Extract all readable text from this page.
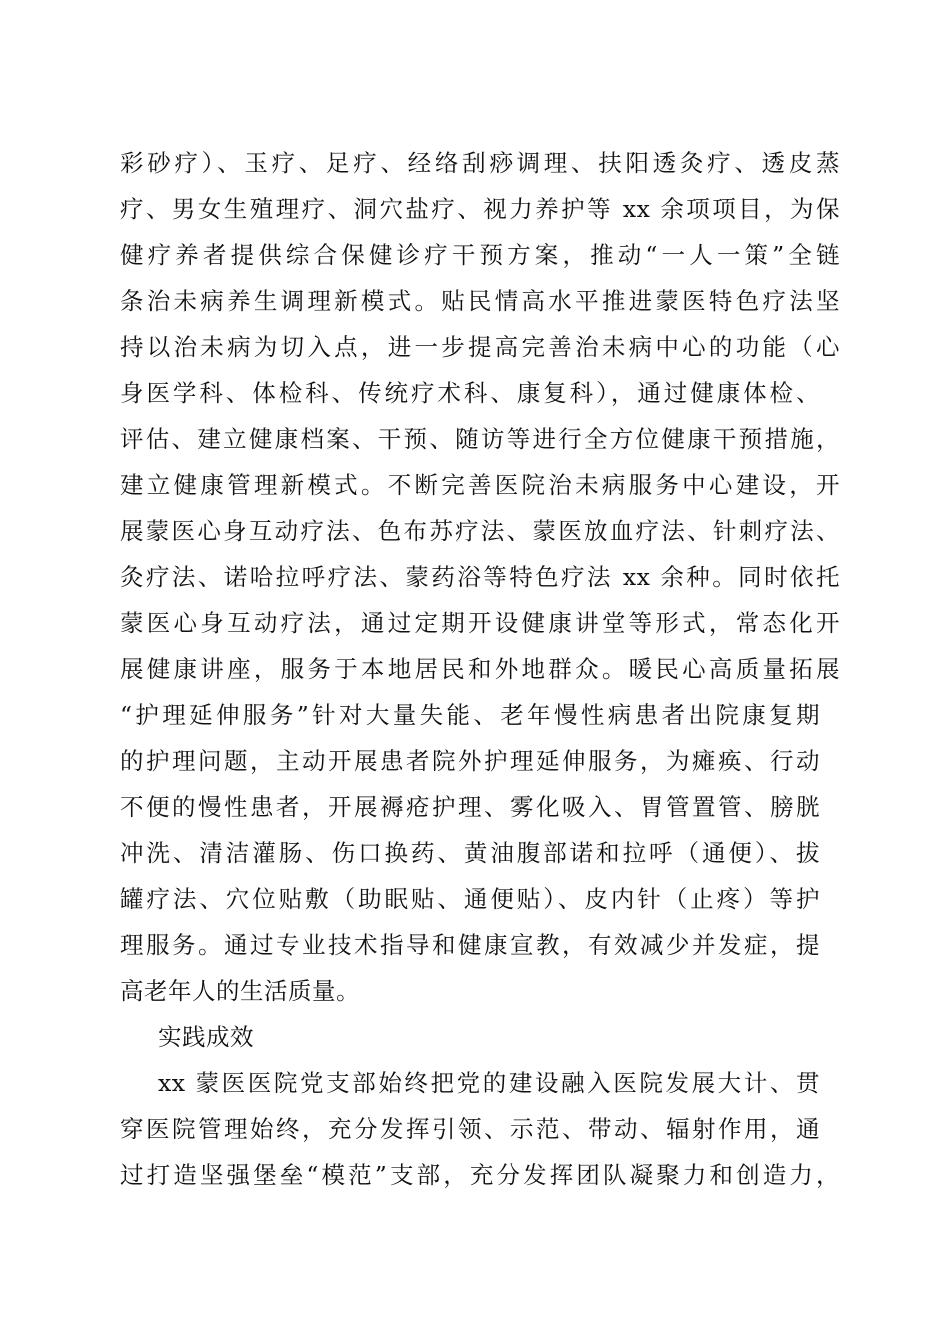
彩砂疗）、玉疗、足疗、经络刮痧调理、扶阳透灸疗、透皮蒸
疗、男女生殖理疗、洞穴盐疗、视力养护等 xx 余项项目，为保
健疗养者提供综合保健诊疗干预方案，推动“一人一策”全链
条治未病养生调理新模式。贴民情高水平推进蒙医特色疗法坚
持以治未病为切入点，进一步提高完善治未病中心的功能（心
身医学科、体检科、传统疗术科、康复科），通过健康体检、
评估、建立健康档案、干预、随访等进行全方位健康干预措施，
建立健康管理新模式。不断完善医院治未病服务中心建设，开
展蒙医心身互动疗法、色布苏疗法、蒙医放血疗法、针刺疗法、
灸疗法、诺哈拉呼疗法、蒙药浴等特色疗法 xx 余种。同时依托
蒙医心身互动疗法，通过定期开设健康讲堂等形式，常态化开
展健康讲座，服务于本地居民和外地群众。暖民心高质量拓展
“护理延伸服务”针对大量失能、老年慢性病患者出院康复期
的护理问题，主动开展患者院外护理延伸服务，为瘫痪、行动
不便的慢性患者，开展褥疮护理、雾化吸入、胃管置管、膀胱
冲洗、清洁灌肠、伤口换药、黄油腹部诺和拉呼（通便）、拔
罐疗法、穴位贴敷（助眠贴、通便贴）、皮内针（止疼）等护
理服务。通过专业技术指导和健康宣教，有效减少并发症，提
高老年人的生活质量。
实践成效
xx 蒙医医院党支部始终把党的建设融入医院发展大计、贯
穿医院管理始终，充分发挥引领、示范、带动、辐射作用，通
过打造坚强堡垒“模范”支部，充分发挥团队凝聚力和创造力，
